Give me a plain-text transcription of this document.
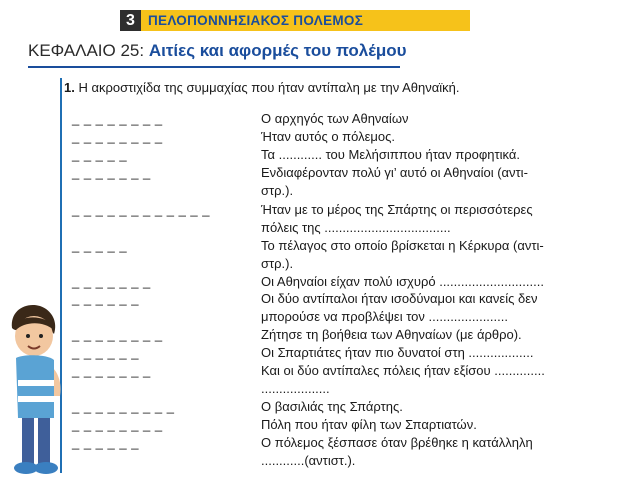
3 ΠΕΛΟΠΟΝΝΗΣΙΑΚΟΣ ΠΟΛΕΜΟΣ
ΚΕΦΑΛΑΙΟ 25: Αιτίες και αφορμές του πολέμου
1. Η ακροστιχίδα της συμμαχίας που ήταν αντίπαλη με την Αθηναϊκή.
_ _ _ _ _ _ _ _
_ _ _ _ _ _ _ _
_ _ _ _ _
_ _ _ _ _ _ _
_ _ _ _ _ _ _ _ _ _ _ _
_ _ _ _ _
_ _ _ _ _ _ _
_ _ _ _ _ _
_ _ _ _ _ _ _ _
_ _ _ _ _ _
_ _ _ _ _ _ _
_ _ _ _ _ _ _ _ _
_ _ _ _ _ _ _ _
_ _ _ _ _ _
Ο αρχηγός των Αθηναίων
Ήταν αυτός ο πόλεμος.
Τα ............ του Μελήσιππου ήταν προφητικά.
Ενδιαφέρονταν πολύ γι’ αυτό οι Αθηναίοι (αντι-
στρ.).
Ήταν με το μέρος της Σπάρτης οι περισσότερες
πόλεις της ...................................
Το πέλαγος στο οποίο βρίσκεται η Κέρκυρα (αντι-
στρ.).
Οι Αθηναίοι είχαν πολύ ισχυρό .............................
Οι δύο αντίπαλοι ήταν ισοδύναμοι και κανείς δεν
μπορούσε να προβλέψει τον ......................
Ζήτησε τη βοήθεια των Αθηναίων (με άρθρο).
Οι Σπαρτιάτες ήταν πιο δυνατοί στη ..................
Και οι δύο αντίπαλες πόλεις ήταν εξίσου ..............
...................
Ο βασιλιάς της Σπάρτης.
Πόλη που ήταν φίλη των Σπαρτιατών.
Ο πόλεμος ξέσπασε όταν βρέθηκε η κατάλληλη
............(αντιστ.).
